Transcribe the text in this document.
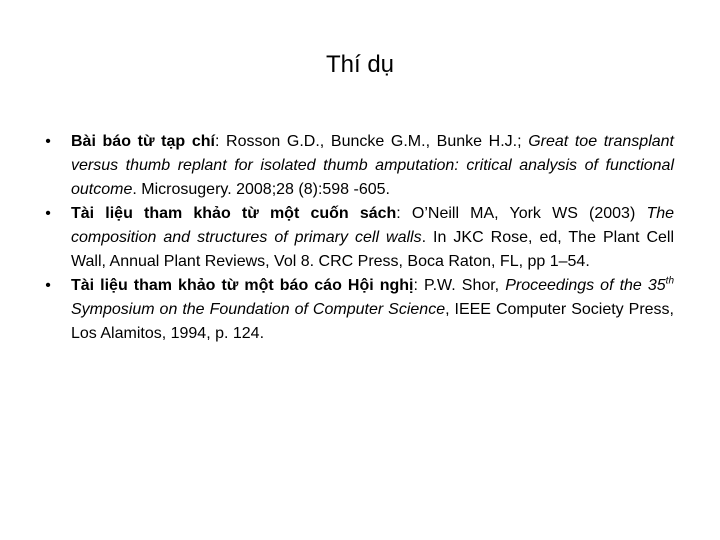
Thí dụ
•	Bài báo từ tạp chí: Rosson G.D., Buncke G.M., Bunke H.J.; Great toe transplant versus thumb replant for isolated thumb amputation: critical analysis of functional outcome. Microsugery. 2008;28 (8):598 -605.
•	Tài liệu tham khảo từ một cuốn sách: O’Neill MA, York WS (2003) The composition and structures of primary cell walls. In JKC Rose, ed, The Plant Cell Wall, Annual Plant Reviews, Vol 8. CRC Press, Boca Raton, FL, pp 1–54.
•	Tài liệu tham khảo từ một báo cáo Hội nghị: P.W. Shor, Proceedings of the 35th Symposium on the Foundation of Computer Science, IEEE Computer Society Press, Los Alamitos, 1994, p. 124.
